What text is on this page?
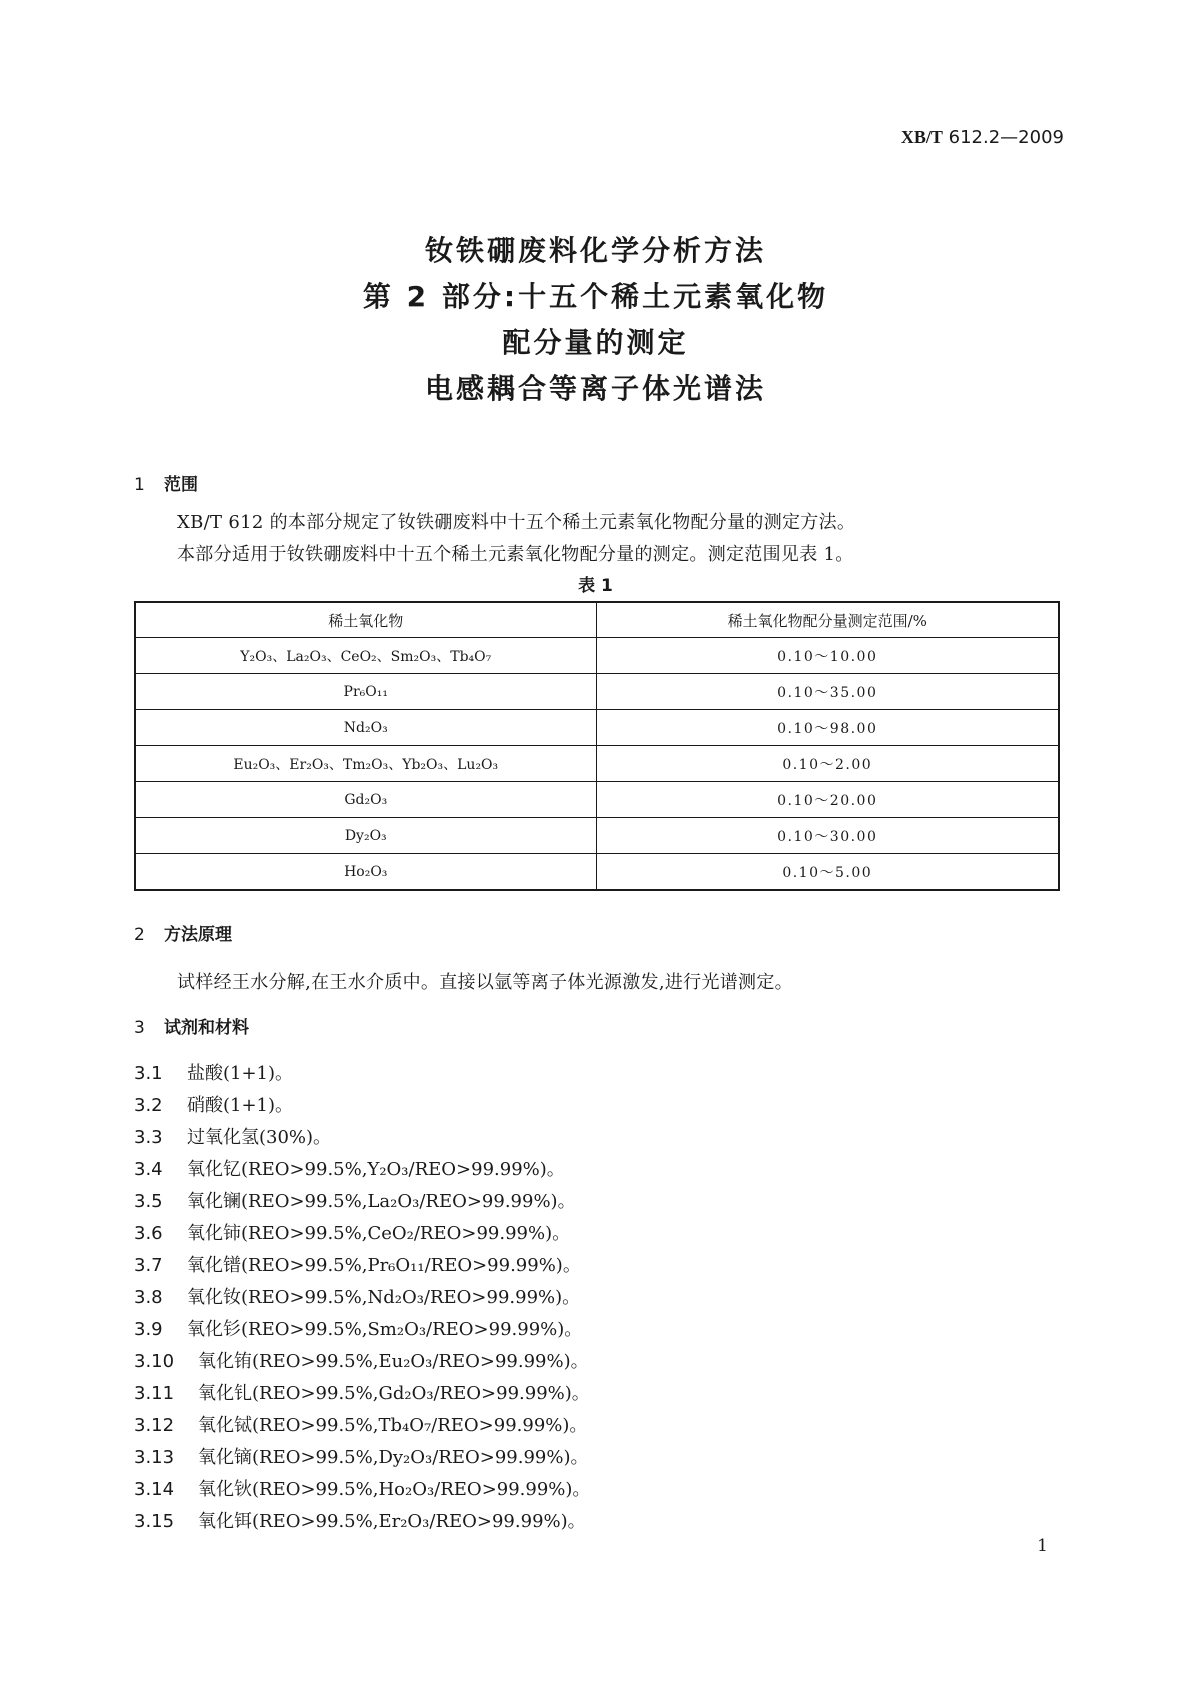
XB/T 612.2—2009
钕铁硼废料化学分析方法
第 2 部分:十五个稀土元素氧化物
配分量的测定
电感耦合等离子体光谱法
1 范围
XB/T 612 的本部分规定了钕铁硼废料中十五个稀土元素氧化物配分量的测定方法。
本部分适用于钕铁硼废料中十五个稀土元素氧化物配分量的测定。测定范围见表 1。
表 1
稀土氧化物	稀土氧化物配分量测定范围/%
Y₂O₃、La₂O₃、CeO₂、Sm₂O₃、Tb₄O₇	0.10～10.00
Pr₆O₁₁	0.10～35.00
Nd₂O₃	0.10～98.00
Eu₂O₃、Er₂O₃、Tm₂O₃、Yb₂O₃、Lu₂O₃	0.10～2.00
Gd₂O₃	0.10～20.00
Dy₂O₃	0.10～30.00
Ho₂O₃	0.10～5.00
2 方法原理
试样经王水分解,在王水介质中。直接以氩等离子体光源激发,进行光谱测定。
3 试剂和材料
3.1 盐酸(1+1)。
3.2 硝酸(1+1)。
3.3 过氧化氢(30%)。
3.4 氧化钇(REO>99.5%,Y₂O₃/REO>99.99%)。
3.5 氧化镧(REO>99.5%,La₂O₃/REO>99.99%)。
3.6 氧化铈(REO>99.5%,CeO₂/REO>99.99%)。
3.7 氧化镨(REO>99.5%,Pr₆O₁₁/REO>99.99%)。
3.8 氧化钕(REO>99.5%,Nd₂O₃/REO>99.99%)。
3.9 氧化钐(REO>99.5%,Sm₂O₃/REO>99.99%)。
3.10 氧化铕(REO>99.5%,Eu₂O₃/REO>99.99%)。
3.11 氧化钆(REO>99.5%,Gd₂O₃/REO>99.99%)。
3.12 氧化铽(REO>99.5%,Tb₄O₇/REO>99.99%)。
3.13 氧化镝(REO>99.5%,Dy₂O₃/REO>99.99%)。
3.14 氧化钬(REO>99.5%,Ho₂O₃/REO>99.99%)。
3.15 氧化铒(REO>99.5%,Er₂O₃/REO>99.99%)。
1
